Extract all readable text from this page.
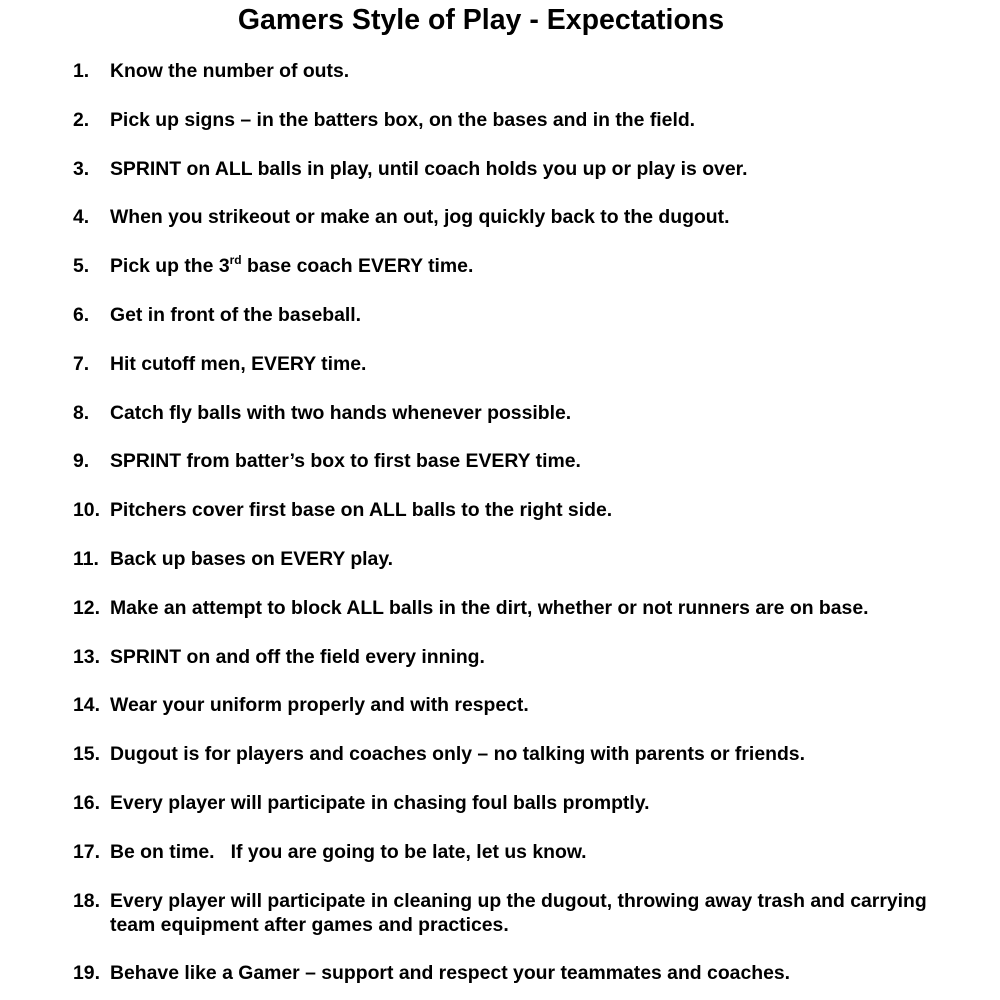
Gamers Style of Play - Expectations
1. Know the number of outs.
2. Pick up signs – in the batters box, on the bases and in the field.
3. SPRINT on ALL balls in play, until coach holds you up or play is over.
4. When you strikeout or make an out, jog quickly back to the dugout.
5. Pick up the 3rd base coach EVERY time.
6. Get in front of the baseball.
7. Hit cutoff men, EVERY time.
8. Catch fly balls with two hands whenever possible.
9. SPRINT from batter’s box to first base EVERY time.
10. Pitchers cover first base on ALL balls to the right side.
11. Back up bases on EVERY play.
12. Make an attempt to block ALL balls in the dirt, whether or not runners are on base.
13. SPRINT on and off the field every inning.
14. Wear your uniform properly and with respect.
15. Dugout is for players and coaches only – no talking with parents or friends.
16. Every player will participate in chasing foul balls promptly.
17. Be on time.   If you are going to be late, let us know.
18. Every player will participate in cleaning up the dugout, throwing away trash and carrying team equipment after games and practices.
19. Behave like a Gamer – support and respect your teammates and coaches.
